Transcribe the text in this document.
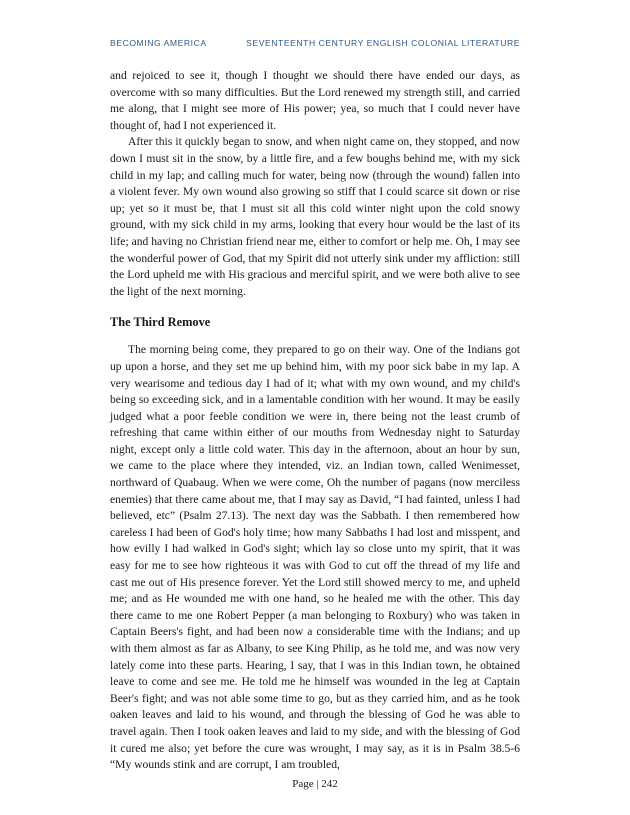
BECOMING AMERICA	SEVENTEENTH CENTURY ENGLISH COLONIAL LITERATURE

and rejoiced to see it, though I thought we should there have ended our days, as overcome with so many difficulties. But the Lord renewed my strength still, and carried me along, that I might see more of His power; yea, so much that I could never have thought of, had I not experienced it.

After this it quickly began to snow, and when night came on, they stopped, and now down I must sit in the snow, by a little fire, and a few boughs behind me, with my sick child in my lap; and calling much for water, being now (through the wound) fallen into a violent fever. My own wound also growing so stiff that I could scarce sit down or rise up; yet so it must be, that I must sit all this cold winter night upon the cold snowy ground, with my sick child in my arms, looking that every hour would be the last of its life; and having no Christian friend near me, either to comfort or help me. Oh, I may see the wonderful power of God, that my Spirit did not utterly sink under my affliction: still the Lord upheld me with His gracious and merciful spirit, and we were both alive to see the light of the next morning.

The Third Remove

The morning being come, they prepared to go on their way. One of the Indians got up upon a horse, and they set me up behind him, with my poor sick babe in my lap. A very wearisome and tedious day I had of it; what with my own wound, and my child's being so exceeding sick, and in a lamentable condition with her wound. It may be easily judged what a poor feeble condition we were in, there being not the least crumb of refreshing that came within either of our mouths from Wednesday night to Saturday night, except only a little cold water. This day in the afternoon, about an hour by sun, we came to the place where they intended, viz. an Indian town, called Wenimesset, northward of Quabaug. When we were come, Oh the number of pagans (now merciless enemies) that there came about me, that I may say as David, “I had fainted, unless I had believed, etc” (Psalm 27.13). The next day was the Sabbath. I then remembered how careless I had been of God's holy time; how many Sabbaths I had lost and misspent, and how evilly I had walked in God's sight; which lay so close unto my spirit, that it was easy for me to see how righteous it was with God to cut off the thread of my life and cast me out of His presence forever. Yet the Lord still showed mercy to me, and upheld me; and as He wounded me with one hand, so he healed me with the other. This day there came to me one Robert Pepper (a man belonging to Roxbury) who was taken in Captain Beers's fight, and had been now a considerable time with the Indians; and up with them almost as far as Albany, to see King Philip, as he told me, and was now very lately come into these parts. Hearing, I say, that I was in this Indian town, he obtained leave to come and see me. He told me he himself was wounded in the leg at Captain Beer's fight; and was not able some time to go, but as they carried him, and as he took oaken leaves and laid to his wound, and through the blessing of God he was able to travel again. Then I took oaken leaves and laid to my side, and with the blessing of God it cured me also; yet before the cure was wrought, I may say, as it is in Psalm 38.5-6 “My wounds stink and are corrupt, I am troubled,

Page | 242
